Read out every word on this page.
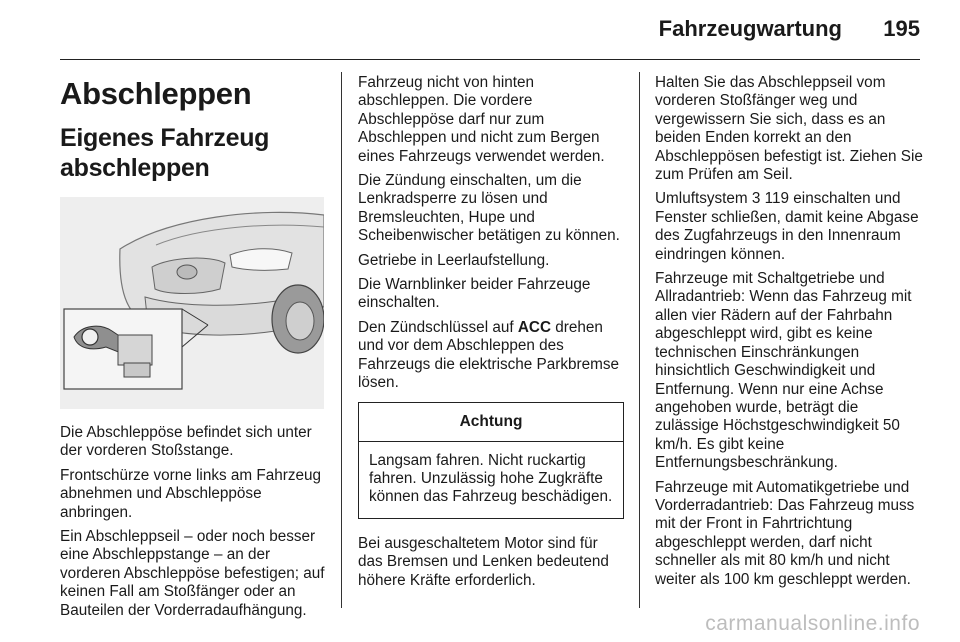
Fahrzeugwartung 195
Abschleppen
Eigenes Fahrzeug abschleppen

Die Abschleppöse befindet sich unter der vorderen Stoßstange.

Frontschürze vorne links am Fahrzeug abnehmen und Abschleppöse anbringen.

Ein Abschleppseil – oder noch besser eine Abschleppstange – an der vorderen Abschleppöse befestigen; auf keinen Fall am Stoßfänger oder an Bauteilen der Vorderradaufhängung.

Fahrzeug nicht von hinten abschleppen. Die vordere Abschleppöse darf nur zum Abschleppen und nicht zum Bergen eines Fahrzeugs verwendet werden.

Die Zündung einschalten, um die Lenkradsperre zu lösen und Bremsleuchten, Hupe und Scheibenwischer betätigen zu können.

Getriebe in Leerlaufstellung.

Die Warnblinker beider Fahrzeuge einschalten.

Den Zündschlüssel auf ACC drehen und vor dem Abschleppen des Fahrzeugs die elektrische Parkbremse lösen.

Achtung
Langsam fahren. Nicht ruckartig fahren. Unzulässig hohe Zugkräfte können das Fahrzeug beschädigen.

Bei ausgeschaltetem Motor sind für das Bremsen und Lenken bedeutend höhere Kräfte erforderlich.

Halten Sie das Abschleppseil vom vorderen Stoßfänger weg und vergewissern Sie sich, dass es an beiden Enden korrekt an den Abschleppösen befestigt ist. Ziehen Sie zum Prüfen am Seil.

Umluftsystem 3 119 einschalten und Fenster schließen, damit keine Abgase des Zugfahrzeugs in den Innenraum eindringen können.

Fahrzeuge mit Schaltgetriebe und Allradantrieb: Wenn das Fahrzeug mit allen vier Rädern auf der Fahrbahn abgeschleppt wird, gibt es keine technischen Einschränkungen hinsichtlich Geschwindigkeit und Entfernung. Wenn nur eine Achse angehoben wurde, beträgt die zulässige Höchstgeschwindigkeit 50 km/h. Es gibt keine Entfernungsbeschränkung.

Fahrzeuge mit Automatikgetriebe und Vorderradantrieb: Das Fahrzeug muss mit der Front in Fahrtrichtung abgeschleppt werden, darf nicht schneller als mit 80 km/h und nicht weiter als 100 km geschleppt werden.

carmanualsonline.info
